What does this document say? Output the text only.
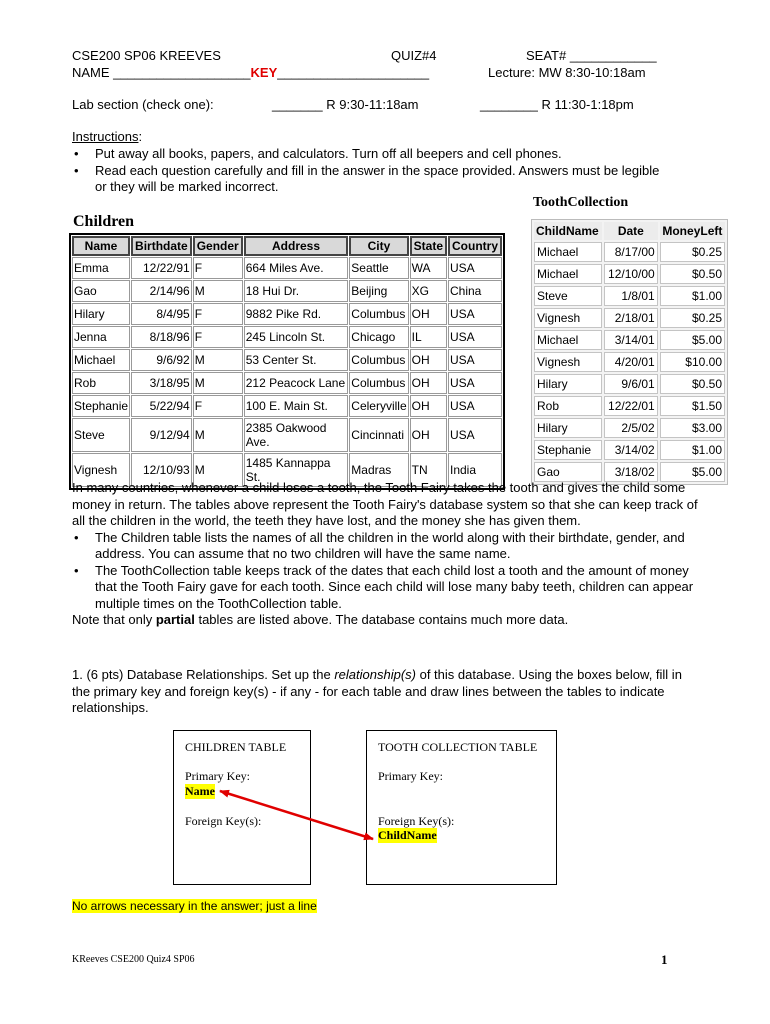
CSE200 SP06 KREEVES	QUIZ#4	SEAT# ____________
NAME ___________________KEY_____________________	Lecture: MW 8:30-10:18am
Lab section (check one):	_______ R 9:30-11:18am	________ R 11:30-1:18pm
Instructions:
• Put away all books, papers, and calculators. Turn off all beepers and cell phones.
• Read each question carefully and fill in the answer in the space provided. Answers must be legible or they will be marked incorrect.
Children
Name	Birthdate	Gender	Address	City	State	Country
Emma	12/22/91	F	664 Miles Ave.	Seattle	WA	USA
Gao	2/14/96	M	18 Hui Dr.	Beijing	XG	China
Hilary	8/4/95	F	9882 Pike Rd.	Columbus	OH	USA
Jenna	8/18/96	F	245 Lincoln St.	Chicago	IL	USA
Michael	9/6/92	M	53 Center St.	Columbus	OH	USA
Rob	3/18/95	M	212 Peacock Lane	Columbus	OH	USA
Stephanie	5/22/94	F	100 E. Main St.	Celeryville	OH	USA
Steve	9/12/94	M	2385 Oakwood Ave.	Cincinnati	OH	USA
Vignesh	12/10/93	M	1485 Kannappa St.	Madras	TN	India
ToothCollection
ChildName	Date	MoneyLeft
Michael	8/17/00	$0.25
Michael	12/10/00	$0.50
Steve	1/8/01	$1.00
Vignesh	2/18/01	$0.25
Michael	3/14/01	$5.00
Vignesh	4/20/01	$10.00
Hilary	9/6/01	$0.50
Rob	12/22/01	$1.50
Hilary	2/5/02	$3.00
Stephanie	3/14/02	$1.00
Gao	3/18/02	$5.00
In many countries, whenever a child loses a tooth, the Tooth Fairy takes the tooth and gives the child some money in return. The tables above represent the Tooth Fairy's database system so that she can keep track of all the children in the world, the teeth they have lost, and the money she has given them.
• The Children table lists the names of all the children in the world along with their birthdate, gender, and address. You can assume that no two children will have the same name.
• The ToothCollection table keeps track of the dates that each child lost a tooth and the amount of money that the Tooth Fairy gave for each tooth. Since each child will lose many baby teeth, children can appear multiple times on the ToothCollection table.
Note that only partial tables are listed above. The database contains much more data.
1. (6 pts) Database Relationships. Set up the relationship(s) of this database. Using the boxes below, fill in the primary key and foreign key(s) - if any - for each table and draw lines between the tables to indicate relationships.
CHILDREN TABLE
Primary Key:
Name
Foreign Key(s):
TOOTH COLLECTION TABLE
Primary Key:
Foreign Key(s):
ChildName
No arrows necessary in the answer; just a line
KReeves CSE200 Quiz4 SP06	1
